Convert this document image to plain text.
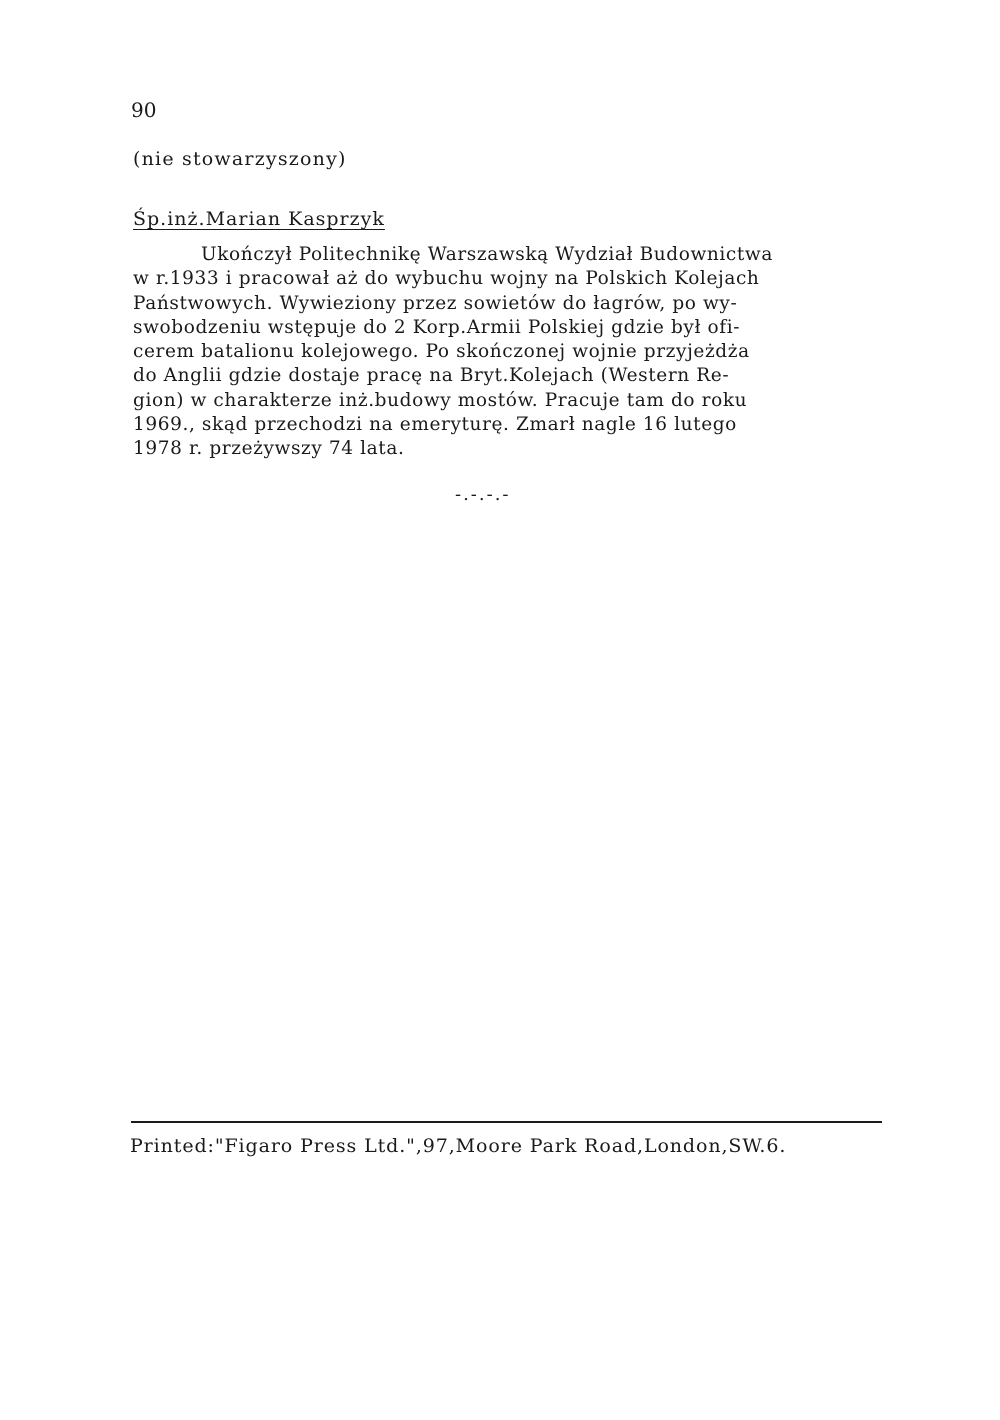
90
(nie stowarzyszony)
Śp.inż.Marian Kasprzyk
Ukończył Politechnikę Warszawską Wydział Budownictwa
w r.1933 i pracował aż do wybuchu wojny na Polskich Kolejach
Państwowych. Wywieziony przez sowietów do łagrów, po wy-
swobodzeniu wstępuje do 2 Korp.Armii Polskiej gdzie był ofi-
cerem batalionu kolejowego. Po skończonej wojnie przyjeżdża
do Anglii gdzie dostaje pracę na Bryt.Kolejach (Western Re-
gion) w charakterze inż.budowy mostów. Pracuje tam do roku
1969., skąd przechodzi na emeryturę. Zmarł nagle 16 lutego
1978 r. przeżywszy 74 lata.
-.-.-.-
Printed:"Figaro Press Ltd.",97,Moore Park Road,London,SW.6.
